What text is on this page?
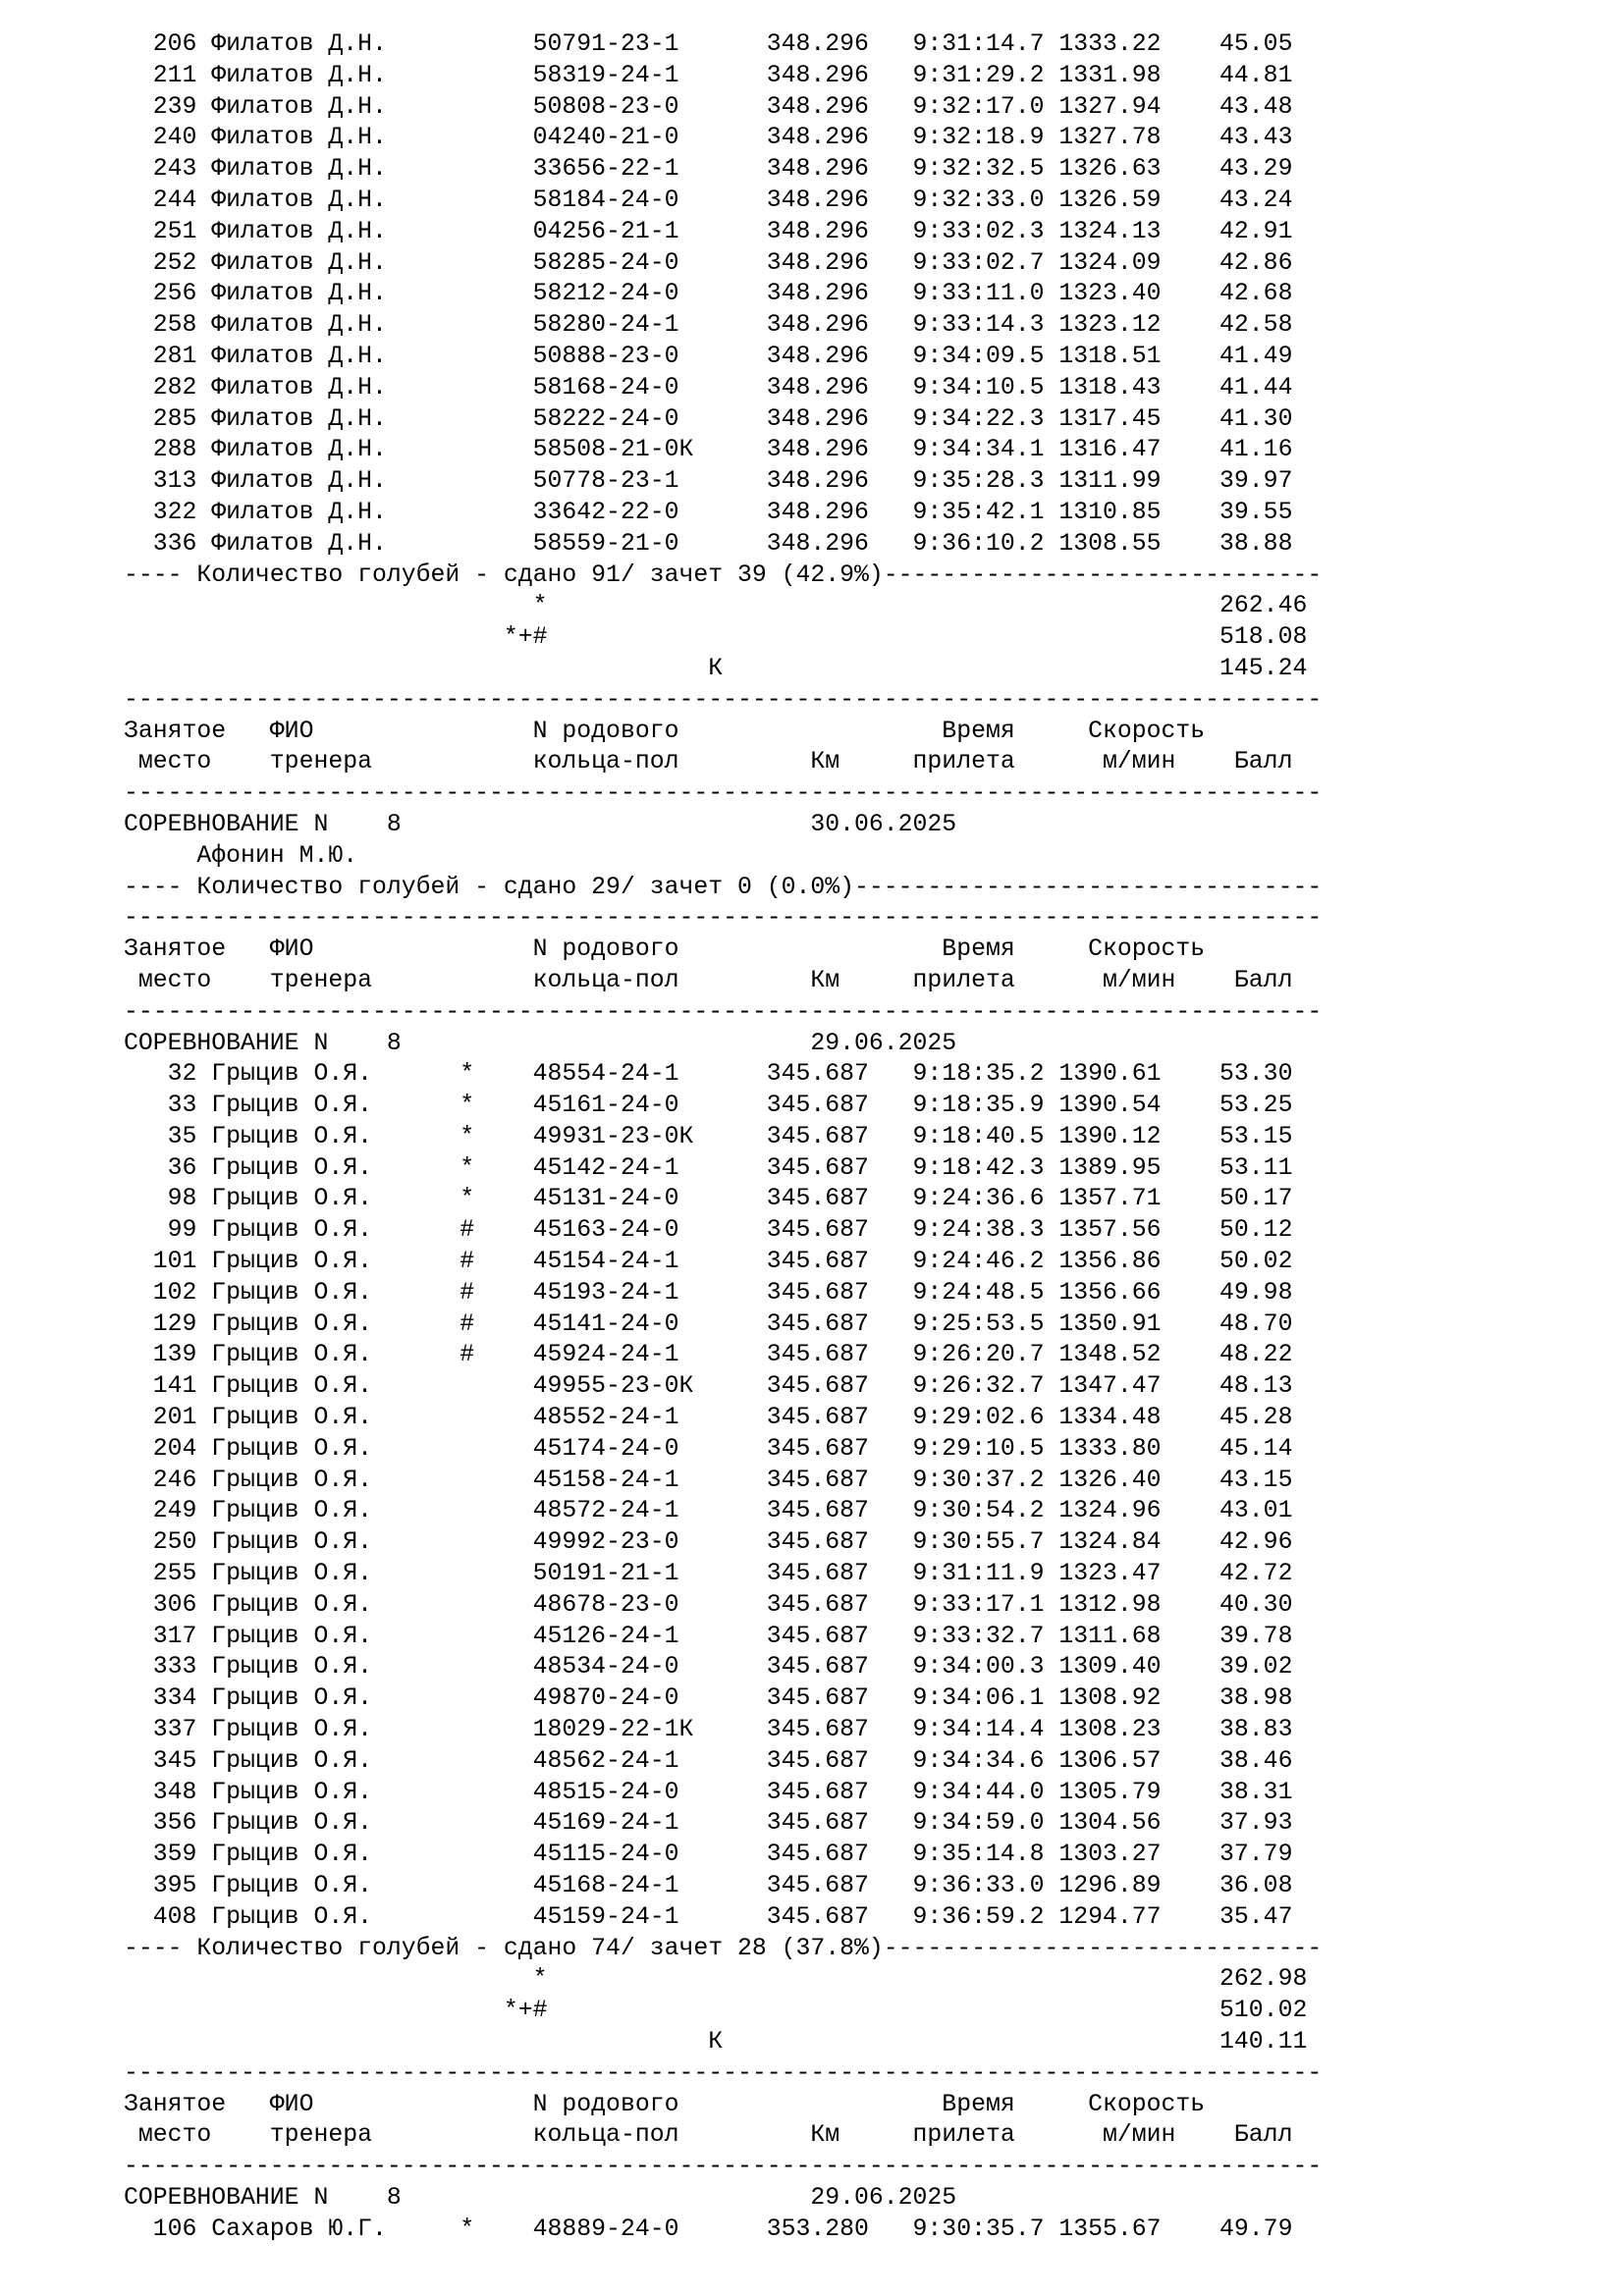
206 Филатов Д.Н.          50791-23-1      348.296   9:31:14.7 1333.22    45.05
211 Филатов Д.Н.          58319-24-1      348.296   9:31:29.2 1331.98    44.81
239 Филатов Д.Н.          50808-23-0      348.296   9:32:17.0 1327.94    43.48
240 Филатов Д.Н.          04240-21-0      348.296   9:32:18.9 1327.78    43.43
243 Филатов Д.Н.          33656-22-1      348.296   9:32:32.5 1326.63    43.29
244 Филатов Д.Н.          58184-24-0      348.296   9:32:33.0 1326.59    43.24
251 Филатов Д.Н.          04256-21-1      348.296   9:33:02.3 1324.13    42.91
252 Филатов Д.Н.          58285-24-0      348.296   9:33:02.7 1324.09    42.86
256 Филатов Д.Н.          58212-24-0      348.296   9:33:11.0 1323.40    42.68
258 Филатов Д.Н.          58280-24-1      348.296   9:33:14.3 1323.12    42.58
281 Филатов Д.Н.          50888-23-0      348.296   9:34:09.5 1318.51    41.49
282 Филатов Д.Н.          58168-24-0      348.296   9:34:10.5 1318.43    41.44
285 Филатов Д.Н.          58222-24-0      348.296   9:34:22.3 1317.45    41.30
288 Филатов Д.Н.          58508-21-0К     348.296   9:34:34.1 1316.47    41.16
313 Филатов Д.Н.          50778-23-1      348.296   9:35:28.3 1311.99    39.97
322 Филатов Д.Н.          33642-22-0      348.296   9:35:42.1 1310.85    39.55
336 Филатов Д.Н.          58559-21-0      348.296   9:36:10.2 1308.55    38.88
---- Количество голубей - сдано 91/ зачет 39 (42.9%)------------------------------
*                                              262.46
*+#                                              518.08
К                                  145.24
----------------------------------------------------------------------------------
Занятое   ФИО               N родового                  Время     Скорость
место    тренера           кольца-пол         Км     прилета      м/мин    Балл
----------------------------------------------------------------------------------
СОРЕВНОВАНИЕ N    8                            30.06.2025
Афонин М.Ю.
---- Количество голубей - сдано 29/ зачет 0 (0.0%)--------------------------------
----------------------------------------------------------------------------------
Занятое   ФИО               N родового                  Время     Скорость
место    тренера           кольца-пол         Км     прилета      м/мин    Балл
----------------------------------------------------------------------------------
СОРЕВНОВАНИЕ N    8                            29.06.2025
32 Грыцив О.Я.      *    48554-24-1      345.687   9:18:35.2 1390.61    53.30
33 Грыцив О.Я.      *    45161-24-0      345.687   9:18:35.9 1390.54    53.25
35 Грыцив О.Я.      *    49931-23-0К     345.687   9:18:40.5 1390.12    53.15
36 Грыцив О.Я.      *    45142-24-1      345.687   9:18:42.3 1389.95    53.11
98 Грыцив О.Я.      *    45131-24-0      345.687   9:24:36.6 1357.71    50.17
99 Грыцив О.Я.      #    45163-24-0      345.687   9:24:38.3 1357.56    50.12
101 Грыцив О.Я.      #    45154-24-1      345.687   9:24:46.2 1356.86    50.02
102 Грыцив О.Я.      #    45193-24-1      345.687   9:24:48.5 1356.66    49.98
129 Грыцив О.Я.      #    45141-24-0      345.687   9:25:53.5 1350.91    48.70
139 Грыцив О.Я.      #    45924-24-1      345.687   9:26:20.7 1348.52    48.22
141 Грыцив О.Я.           49955-23-0К     345.687   9:26:32.7 1347.47    48.13
201 Грыцив О.Я.           48552-24-1      345.687   9:29:02.6 1334.48    45.28
204 Грыцив О.Я.           45174-24-0      345.687   9:29:10.5 1333.80    45.14
246 Грыцив О.Я.           45158-24-1      345.687   9:30:37.2 1326.40    43.15
249 Грыцив О.Я.           48572-24-1      345.687   9:30:54.2 1324.96    43.01
250 Грыцив О.Я.           49992-23-0      345.687   9:30:55.7 1324.84    42.96
255 Грыцив О.Я.           50191-21-1      345.687   9:31:11.9 1323.47    42.72
306 Грыцив О.Я.           48678-23-0      345.687   9:33:17.1 1312.98    40.30
317 Грыцив О.Я.           45126-24-1      345.687   9:33:32.7 1311.68    39.78
333 Грыцив О.Я.           48534-24-0      345.687   9:34:00.3 1309.40    39.02
334 Грыцив О.Я.           49870-24-0      345.687   9:34:06.1 1308.92    38.98
337 Грыцив О.Я.           18029-22-1К     345.687   9:34:14.4 1308.23    38.83
345 Грыцив О.Я.           48562-24-1      345.687   9:34:34.6 1306.57    38.46
348 Грыцив О.Я.           48515-24-0      345.687   9:34:44.0 1305.79    38.31
356 Грыцив О.Я.           45169-24-1      345.687   9:34:59.0 1304.56    37.93
359 Грыцив О.Я.           45115-24-0      345.687   9:35:14.8 1303.27    37.79
395 Грыцив О.Я.           45168-24-1      345.687   9:36:33.0 1296.89    36.08
408 Грыцив О.Я.           45159-24-1      345.687   9:36:59.2 1294.77    35.47
---- Количество голубей - сдано 74/ зачет 28 (37.8%)------------------------------
*                                              262.98
*+#                                              510.02
К                                  140.11
----------------------------------------------------------------------------------
Занятое   ФИО               N родового                  Время     Скорость
место    тренера           кольца-пол         Км     прилета      м/мин    Балл
----------------------------------------------------------------------------------
СОРЕВНОВАНИЕ N    8                            29.06.2025
106 Сахаров Ю.Г.     *    48889-24-0      353.280   9:30:35.7 1355.67    49.79
